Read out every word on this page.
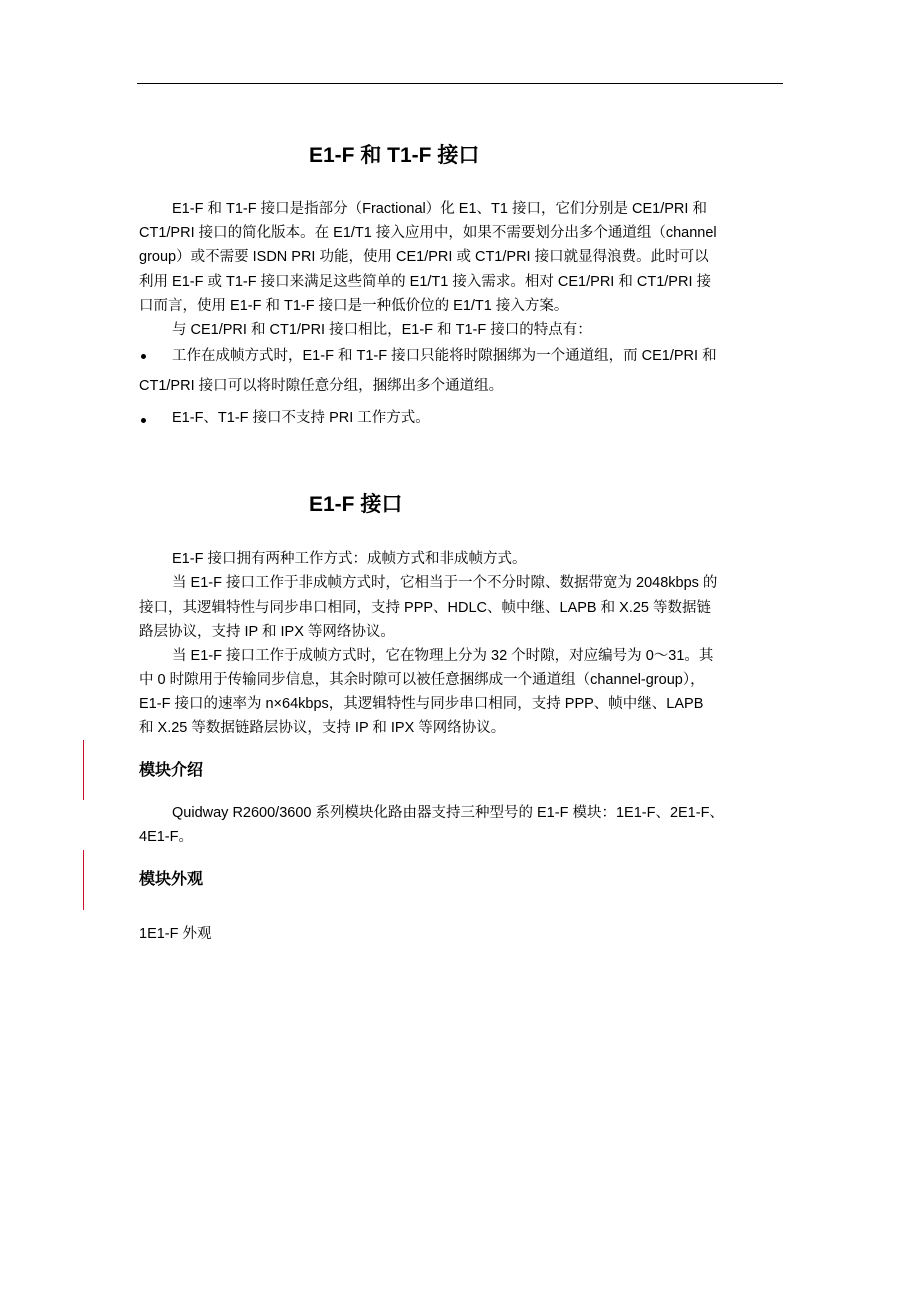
E1-F 和 T1-F 接口

E1-F 和 T1-F 接口是指部分（Fractional）化 E1、T1 接口，它们分别是 CE1/PRI 和

CT1/PRI 接口的简化版本。在 E1/T1 接入应用中，如果不需要划分出多个通道组（channel

group）或不需要 ISDN PRI 功能，使用 CE1/PRI 或 CT1/PRI 接口就显得浪费。此时可以

利用 E1-F 或 T1-F 接口来满足这些简单的 E1/T1 接入需求。相对 CE1/PRI 和 CT1/PRI 接

口而言，使用 E1-F 和 T1-F 接口是一种低价位的 E1/T1 接入方案。

与 CE1/PRI 和 CT1/PRI 接口相比，E1-F 和 T1-F 接口的特点有：

工作在成帧方式时，E1-F 和 T1-F 接口只能将时隙捆绑为一个通道组，而 CE1/PRI 和

CT1/PRI 接口可以将时隙任意分组，捆绑出多个通道组。

E1-F、T1-F 接口不支持 PRI 工作方式。

E1-F 接口

E1-F 接口拥有两种工作方式：成帧方式和非成帧方式。

当 E1-F 接口工作于非成帧方式时，它相当于一个不分时隙、数据带宽为 2048kbps 的

接口，其逻辑特性与同步串口相同，支持 PPP、HDLC、帧中继、LAPB 和 X.25 等数据链

路层协议，支持 IP 和 IPX 等网络协议。

当 E1-F 接口工作于成帧方式时，它在物理上分为 32 个时隙，对应编号为 0～31。其

中 0 时隙用于传输同步信息，其余时隙可以被任意捆绑成一个通道组（channel-group），

E1-F 接口的速率为 n×64kbps，其逻辑特性与同步串口相同，支持 PPP、帧中继、LAPB

和 X.25 等数据链路层协议，支持 IP 和 IPX 等网络协议。

模块介绍

Quidway R2600/3600 系列模块化路由器支持三种型号的 E1-F 模块：1E1-F、2E1-F、

4E1-F。

模块外观

1E1-F 外观
